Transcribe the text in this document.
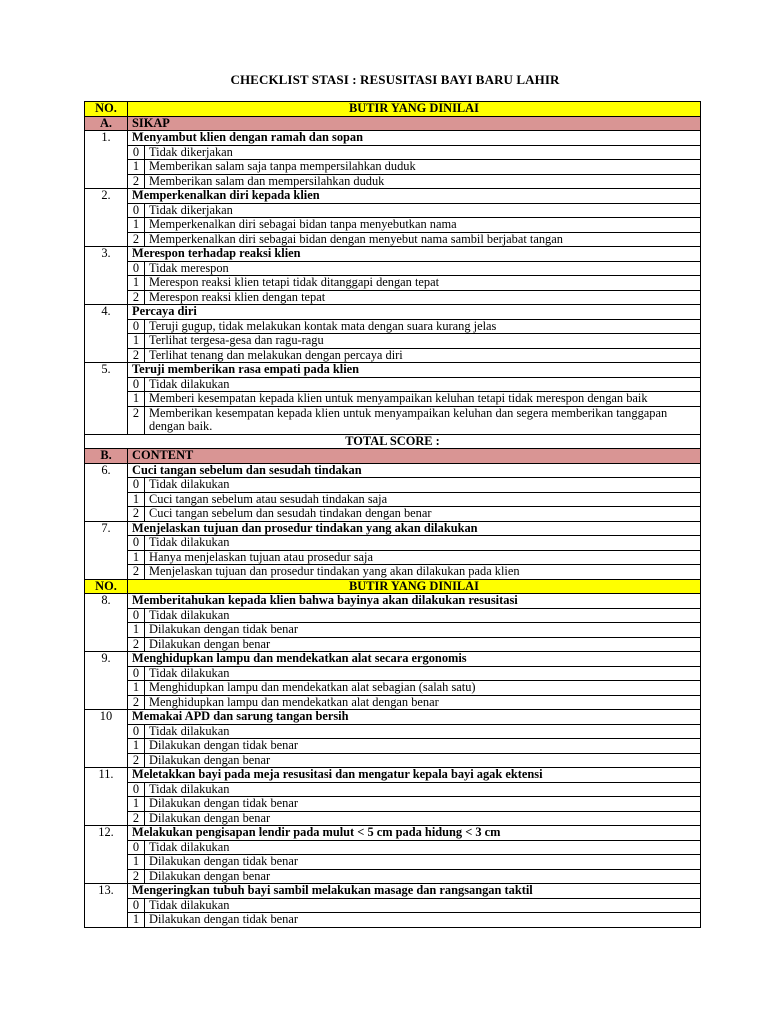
CHECKLIST STASI : RESUSITASI BAYI BARU LAHIR
NO.	BUTIR YANG DINILAI	
A.	SIKAP	
1.	Menyambut klien dengan ramah dan sopan	
	0	Tidak dikerjakan
	1	Memberikan salam saja tanpa mempersilahkan duduk
	2	Memberikan salam dan mempersilahkan duduk
2.	Memperkenalkan diri kepada klien	
	0	Tidak dikerjakan
	1	Memperkenalkan diri sebagai bidan tanpa menyebutkan nama
	2	Memperkenalkan diri sebagai bidan dengan menyebut nama sambil berjabat tangan
3.	Merespon terhadap reaksi klien	
	0	Tidak merespon
	1	Merespon reaksi klien tetapi tidak ditanggapi dengan tepat
	2	Merespon reaksi klien dengan tepat
4.	Percaya diri	
	0	Teruji gugup, tidak melakukan kontak mata dengan suara kurang jelas
	1	Terlihat tergesa-gesa dan ragu-ragu
	2	Terlihat tenang dan melakukan dengan percaya diri
5.	Teruji memberikan rasa empati pada klien	
	0	Tidak dilakukan
	1	Memberi kesempatan kepada klien untuk menyampaikan keluhan tetapi tidak merespon dengan baik
	2	Memberikan kesempatan kepada klien untuk menyampaikan keluhan dan segera memberikan tanggapan dengan baik.
TOTAL SCORE :		
B.	CONTENT	
6.	Cuci tangan sebelum dan sesudah tindakan	
	0	Tidak dilakukan
	1	Cuci tangan sebelum atau sesudah tindakan saja
	2	Cuci tangan sebelum dan sesudah tindakan dengan benar
7.	Menjelaskan tujuan dan prosedur tindakan yang akan dilakukan	
	0	Tidak dilakukan
	1	Hanya menjelaskan tujuan atau prosedur saja
	2	Menjelaskan tujuan dan prosedur tindakan yang akan dilakukan pada klien
NO.	BUTIR YANG DINILAI	
8.	Memberitahukan kepada klien bahwa bayinya akan dilakukan resusitasi	
	0	Tidak dilakukan
	1	Dilakukan dengan tidak benar
	2	Dilakukan dengan benar
9.	Menghidupkan lampu dan mendekatkan alat secara ergonomis	
	0	Tidak dilakukan
	1	Menghidupkan lampu dan mendekatkan alat sebagian (salah satu)
	2	Menghidupkan lampu dan mendekatkan alat dengan benar
10	Memakai APD dan sarung tangan bersih	
	0	Tidak dilakukan
	1	Dilakukan dengan tidak benar
	2	Dilakukan dengan benar
11.	Meletakkan bayi pada meja resusitasi dan mengatur kepala bayi agak ektensi	
	0	Tidak dilakukan
	1	Dilakukan dengan tidak benar
	2	Dilakukan dengan benar
12.	Melakukan pengisapan lendir pada mulut < 5 cm pada hidung < 3 cm	
	0	Tidak dilakukan
	1	Dilakukan dengan tidak benar
	2	Dilakukan dengan benar
13.	Mengeringkan tubuh bayi sambil melakukan masage dan rangsangan taktil	
	0	Tidak dilakukan
	1	Dilakukan dengan tidak benar
